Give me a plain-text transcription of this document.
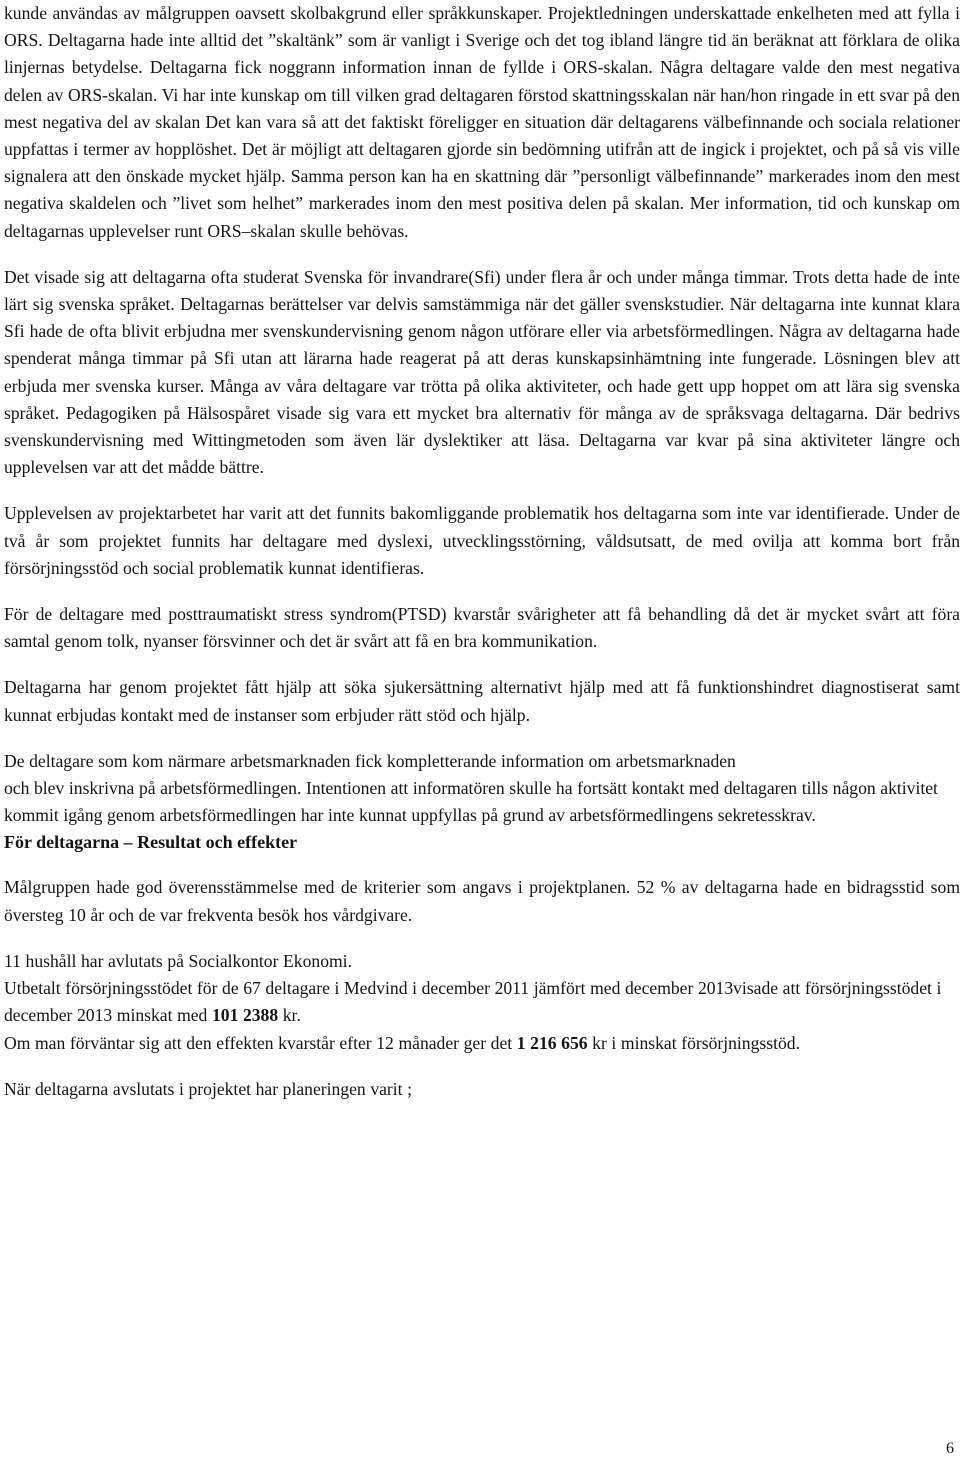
kunde användas av målgruppen oavsett skolbakgrund eller språkkunskaper. Projektledningen underskattade enkelheten med att fylla i ORS. Deltagarna hade inte alltid det ”skaltänk” som är vanligt i Sverige och det tog ibland längre tid än beräknat att förklara de olika linjernas betydelse. Deltagarna fick noggrann information innan de fyllde i ORS-skalan. Några deltagare valde den mest negativa delen av ORS-skalan. Vi har inte kunskap om till vilken grad deltagaren förstod skattningsskalan när han/hon ringade in ett svar på den mest negativa del av skalan Det kan vara så att det faktiskt föreligger en situation där deltagarens välbefinnande och sociala relationer uppfattas i termer av hopplöshet. Det är möjligt att deltagaren gjorde sin bedömning utifrån att de ingick i projektet, och på så vis ville signalera att den önskade mycket hjälp. Samma person kan ha en skattning där ”personligt välbefinnande” markerades inom den mest negativa skaldelen och ”livet som helhet” markerades inom den mest positiva delen på skalan. Mer information, tid och kunskap om deltagarnas upplevelser runt ORS–skalan skulle behövas.

Det visade sig att deltagarna ofta studerat Svenska för invandrare(Sfi) under flera år och under många timmar. Trots detta hade de inte lärt sig svenska språket. Deltagarnas berättelser var delvis samstämmiga när det gäller svenskstudier. När deltagarna inte kunnat klara Sfi hade de ofta blivit erbjudna mer svenskundervisning genom någon utförare eller via arbetsförmedlingen. Några av deltagarna hade spenderat många timmar på Sfi utan att lärarna hade reagerat på att deras kunskapsinhämtning inte fungerade. Lösningen blev att erbjuda mer svenska kurser. Många av våra deltagare var trötta på olika aktiviteter, och hade gett upp hoppet om att lära sig svenska språket. Pedagogiken på Hälsospåret visade sig vara ett mycket bra alternativ för många av de språksvaga deltagarna. Där bedrivs svenskundervisning med Wittingmetoden som även lär dyslektiker att läsa. Deltagarna var kvar på sina aktiviteter längre och upplevelsen var att det mådde bättre.

Upplevelsen av projektarbetet har varit att det funnits bakomliggande problematik hos deltagarna som inte var identifierade. Under de två år som projektet funnits har deltagare med dyslexi, utvecklingsstörning, våldsutsatt, de med ovilja att komma bort från försörjningsstöd och social problematik kunnat identifieras.

För de deltagare med posttraumatiskt stress syndrom(PTSD) kvarstår svårigheter att få behandling då det är mycket svårt att föra samtal genom tolk, nyanser försvinner och det är svårt att få en bra kommunikation.

Deltagarna har genom projektet fått hjälp att söka sjukersättning alternativt hjälp med att få funktionshindret diagnostiserat samt kunnat erbjudas kontakt med de instanser som erbjuder rätt stöd och hjälp.

De deltagare som kom närmare arbetsmarknaden fick kompletterande information om arbetsmarknaden
och blev inskrivna på arbetsförmedlingen. Intentionen att informatören skulle ha fortsätt kontakt med deltagaren tills någon aktivitet kommit igång genom arbetsförmedlingen har inte kunnat uppfyllas på grund av arbetsförmedlingens sekretesskrav.

För deltagarna – Resultat och effekter

Målgruppen hade god överensstämmelse med de kriterier som angavs i projektplanen. 52 % av deltagarna hade en bidragsstid som översteg 10 år och de var frekventa besök hos vårdgivare.

11 hushåll har avlutats på Socialkontor Ekonomi.
Utbetalt försörjningsstödet för de 67 deltagare i Medvind i december 2011 jämfört med december 2013visade att försörjningsstödet i december 2013 minskat med 101 2388 kr.
Om man förväntar sig att den effekten kvarstår efter 12 månader ger det 1 216 656 kr i minskat försörjningsstöd.

När deltagarna avslutats i projektet har planeringen varit ;

6
